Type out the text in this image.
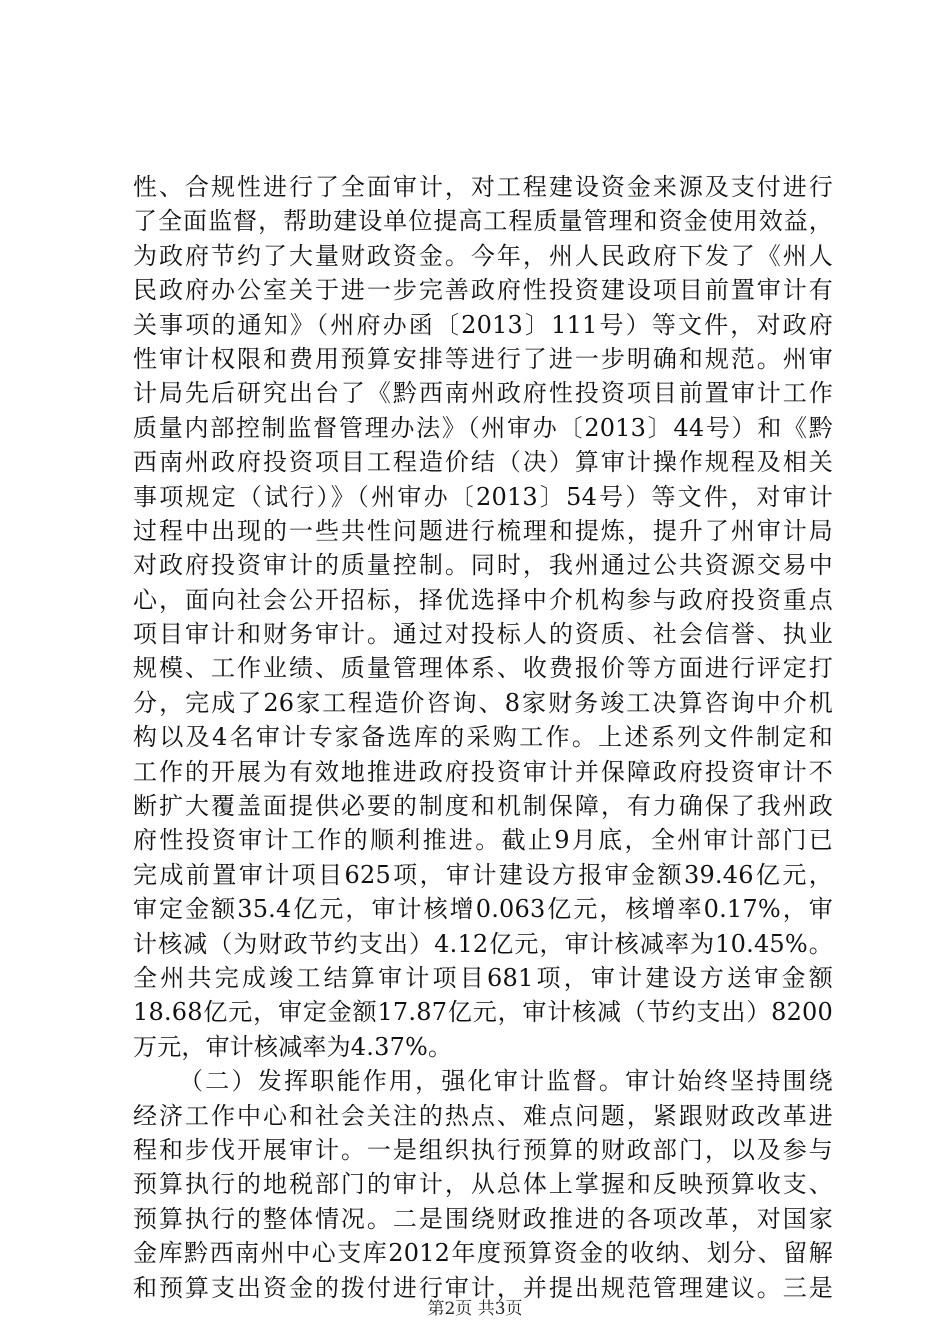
性、合规性进行了全面审计，对工程建设资金来源及支付进行
了全面监督，帮助建设单位提高工程质量管理和资金使用效益，
为政府节约了大量财政资金。今年，州人民政府下发了《州人
民政府办公室关于进一步完善政府性投资建设项目前置审计有
关事项的通知》（州府办函〔2013〕111号）等文件，对政府
性审计权限和费用预算安排等进行了进一步明确和规范。州审
计局先后研究出台了《黔西南州政府性投资项目前置审计工作
质量内部控制监督管理办法》（州审办〔2013〕44号）和《黔
西南州政府投资项目工程造价结（决）算审计操作规程及相关
事项规定（试行）》（州审办〔2013〕54号）等文件，对审计
过程中出现的一些共性问题进行梳理和提炼，提升了州审计局
对政府投资审计的质量控制。同时，我州通过公共资源交易中
心，面向社会公开招标，择优选择中介机构参与政府投资重点
项目审计和财务审计。通过对投标人的资质、社会信誉、执业
规模、工作业绩、质量管理体系、收费报价等方面进行评定打
分，完成了26家工程造价咨询、8家财务竣工决算咨询中介机
构以及4名审计专家备选库的采购工作。上述系列文件制定和
工作的开展为有效地推进政府投资审计并保障政府投资审计不
断扩大覆盖面提供必要的制度和机制保障，有力确保了我州政
府性投资审计工作的顺利推进。截止9月底，全州审计部门已
完成前置审计项目625项，审计建设方报审金额39.46亿元，
审定金额35.4亿元，审计核增0.063亿元，核增率0.17%，审
计核减（为财政节约支出）4.12亿元，审计核减率为10.45%。
全州共完成竣工结算审计项目681项，审计建设方送审金额
18.68亿元，审定金额17.87亿元，审计核减（节约支出）8200
万元，审计核减率为4.37%。
（二）发挥职能作用，强化审计监督。审计始终坚持围绕
经济工作中心和社会关注的热点、难点问题，紧跟财政改革进
程和步伐开展审计。一是组织执行预算的财政部门，以及参与
预算执行的地税部门的审计，从总体上掌握和反映预算收支、
预算执行的整体情况。二是围绕财政推进的各项改革，对国家
金库黔西南州中心支库2012年度预算资金的收纳、划分、留解
和预算支出资金的拨付进行审计，并提出规范管理建议。三是
第2页 共3页
